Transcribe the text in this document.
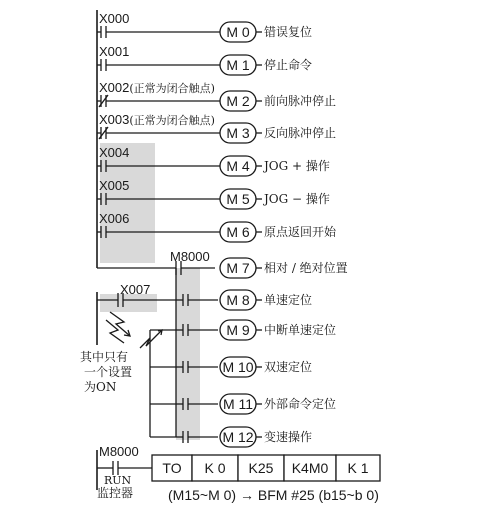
X000
M 0 错误复位
X001
M 1 停止命令
X002(正常为闭合触点)
M 2 前向脉冲停止
X003(正常为闭合触点)
M 3 反向脉冲停止
X004
M 4 JOG + 操作
X005
M 5 JOG − 操作
X006
M 6 原点返回开始
M8000
X007
M 7 相对 / 绝对位置
M 8 单速定位
M 9 中断单速定位
M 10 双速定位
M 11 外部命令定位
M 12 变速操作
其中只有
一个设置
为ON
M8000
RUN
监控器
TO K 0 K25 K4M0 K 1
(M15~M 0) → BFM #25 (b15~b 0)
